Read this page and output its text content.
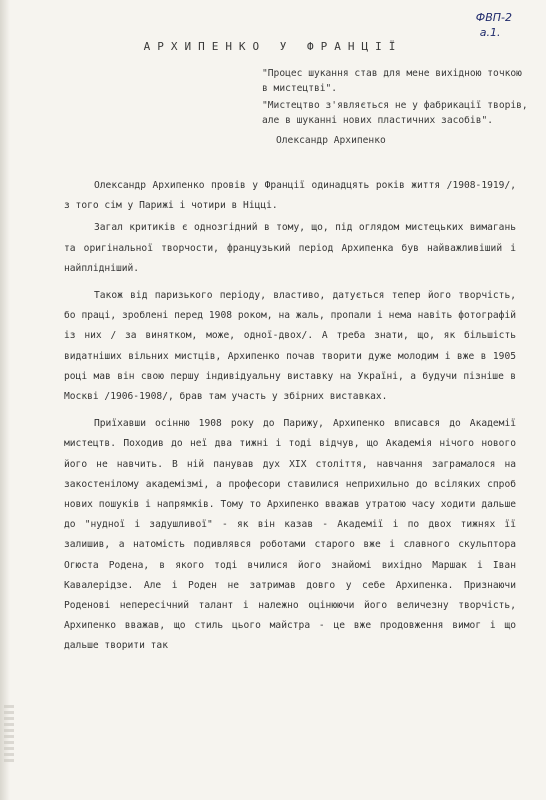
ФВП-2
а.1.
АРХИПЕНКО У ФРАНЦІЇ

"Процес шукання став для мене вихідною точкою в мистецтві".

"Мистецтво з'являється не у фабрикації творів, але в шуканні нових пластичних засобів".

Олександр Архипенко

Олександр Архипенко провів у Франції одинадцять років життя /1908-1919/, з того сім у Парижі і чотири в Ніцці.

Загал критиків є однозгідний в тому, що, під оглядом мистецьких вимагань та оригінальної творчости, французький період Архипенка був найважливіший і найплідніший.

Також від паризького періоду, властиво, датується тепер його творчість, бо праці, зроблені перед 1908 роком, на жаль, пропали і нема навіть фотографій із них / за винятком, може, одної-двох/. А треба знати, що, як більшість видатніших вільних мистців, Архипенко почав творити дуже молодим і вже в 1905 році мав він свою першу індивідуальну виставку на Україні, а будучи пізніше в Москві /1906-1908/, брав там участь у збірних виставках.

Приїхавши осінню 1908 року до Парижу, Архипенко вписався до Академії мистецтв. Походив до неї два тижні і тоді відчув, що Академія нічого нового його не навчить. В ній панував дух XIX століття, навчання заграмалося на закостенілому академізмі, а професори ставилися неприхильно до всіляких спроб нових пошуків і напрямків. Тому то Архипенко вважав утратою часу ходити дальше до "нудної і задушливої" - як він казав - Академії і по двох тижнях її залишив, а натомість подивлявся роботами старого вже і славного скульптора Огюста Родена, в якого тоді вчилися його знайомі вихідно Маршак і Іван Кавалерідзе. Але і Роден не затримав довго у себе Архипенка. Признаючи Роденові непересічний талант і належно оцінюючи його величезну творчість, Архипенко вважав, що стиль цього майстра - це вже продовження вимог і що дальше творити так
